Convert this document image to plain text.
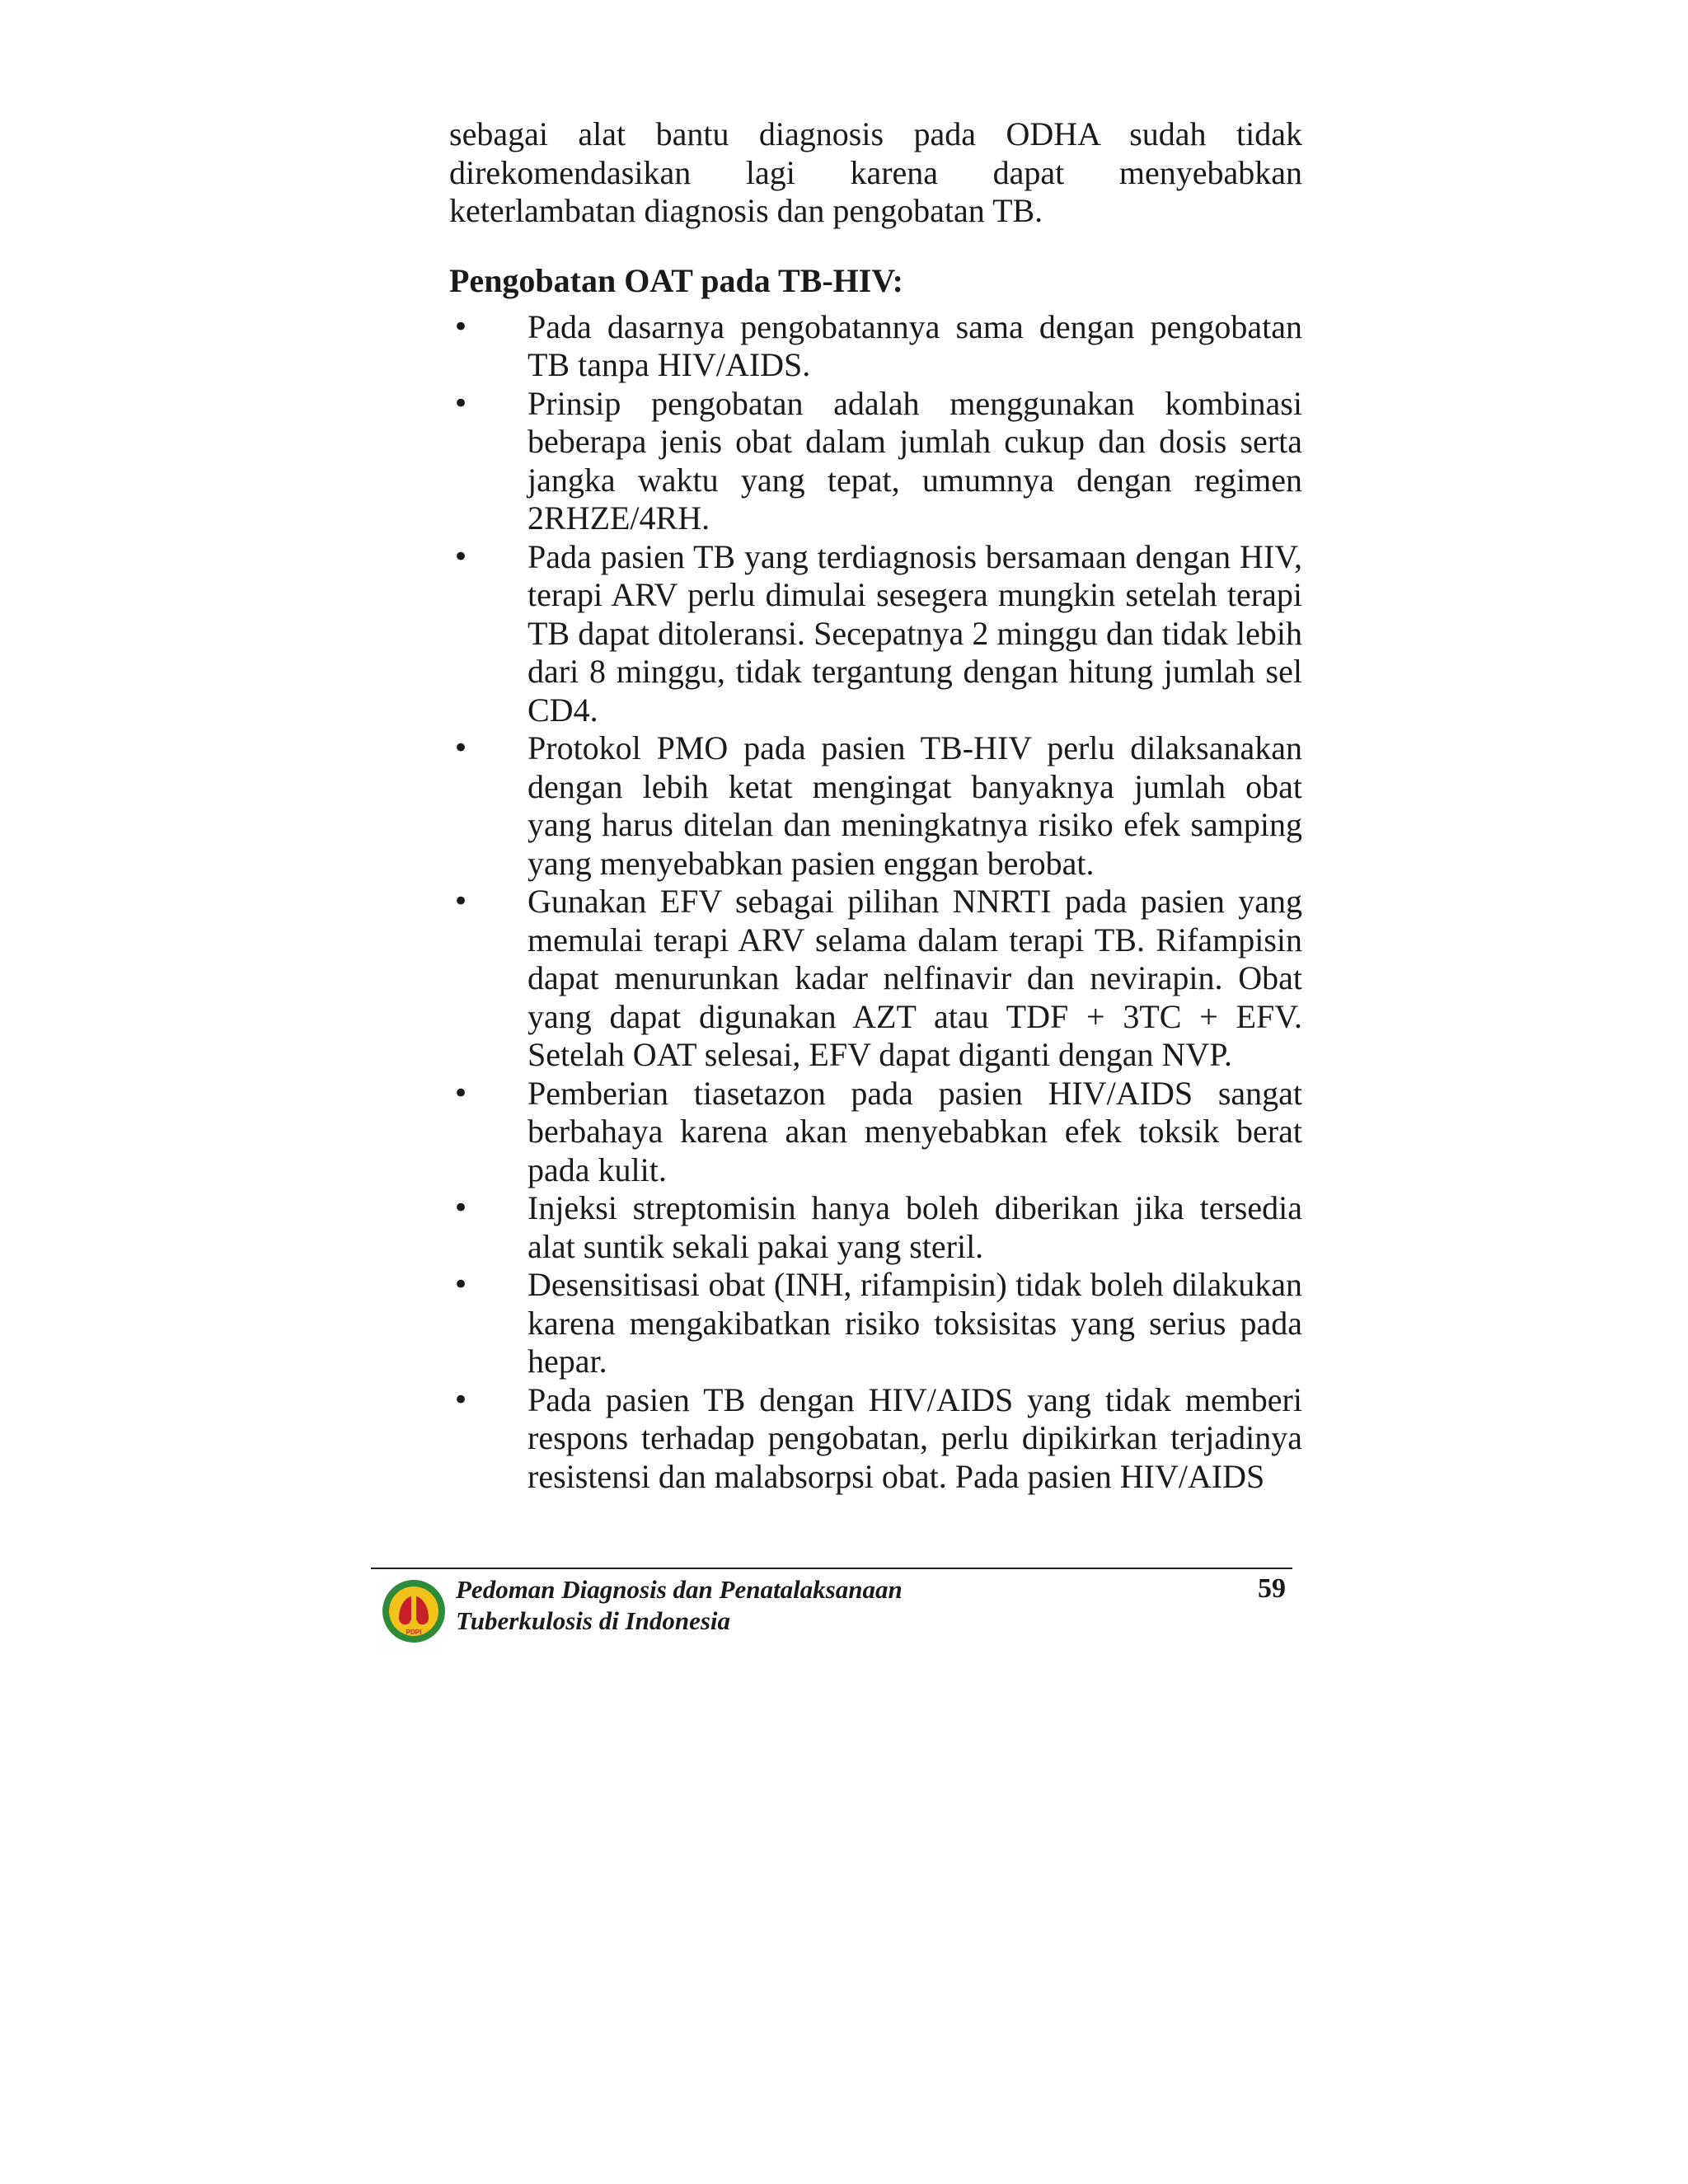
sebagai alat bantu diagnosis pada ODHA sudah tidak direkomendasikan lagi karena dapat menyebabkan keterlambatan diagnosis dan pengobatan TB.

Pengobatan OAT pada TB-HIV:
• Pada dasarnya pengobatannya sama dengan pengobatan TB tanpa HIV/AIDS.
• Prinsip pengobatan adalah menggunakan kombinasi beberapa jenis obat dalam jumlah cukup dan dosis serta jangka waktu yang tepat, umumnya dengan regimen 2RHZE/4RH.
• Pada pasien TB yang terdiagnosis bersamaan dengan HIV, terapi ARV perlu dimulai sesegera mungkin setelah terapi TB dapat ditoleransi. Secepatnya 2 minggu dan tidak lebih dari 8 minggu, tidak tergantung dengan hitung jumlah sel CD4.
• Protokol PMO pada pasien TB-HIV perlu dilaksanakan dengan lebih ketat mengingat banyaknya jumlah obat yang harus ditelan dan meningkatnya risiko efek samping yang menyebabkan pasien enggan berobat.
• Gunakan EFV sebagai pilihan NNRTI pada pasien yang memulai terapi ARV selama dalam terapi TB. Rifampisin dapat menurunkan kadar nelfinavir dan nevirapin. Obat yang dapat digunakan AZT atau TDF + 3TC + EFV. Setelah OAT selesai, EFV dapat diganti dengan NVP.
• Pemberian tiasetazon pada pasien HIV/AIDS sangat berbahaya karena akan menyebabkan efek toksik berat pada kulit.
• Injeksi streptomisin hanya boleh diberikan jika tersedia alat suntik sekali pakai yang steril.
• Desensitisasi obat (INH, rifampisin) tidak boleh dilakukan karena mengakibatkan risiko toksisitas yang serius pada hepar.
• Pada pasien TB dengan HIV/AIDS yang tidak memberi respons terhadap pengobatan, perlu dipikirkan terjadinya resistensi dan malabsorpsi obat. Pada pasien HIV/AIDS
PDPI
Pedoman Diagnosis dan Penatalaksanaan
Tuberkulosis di Indonesia
59
